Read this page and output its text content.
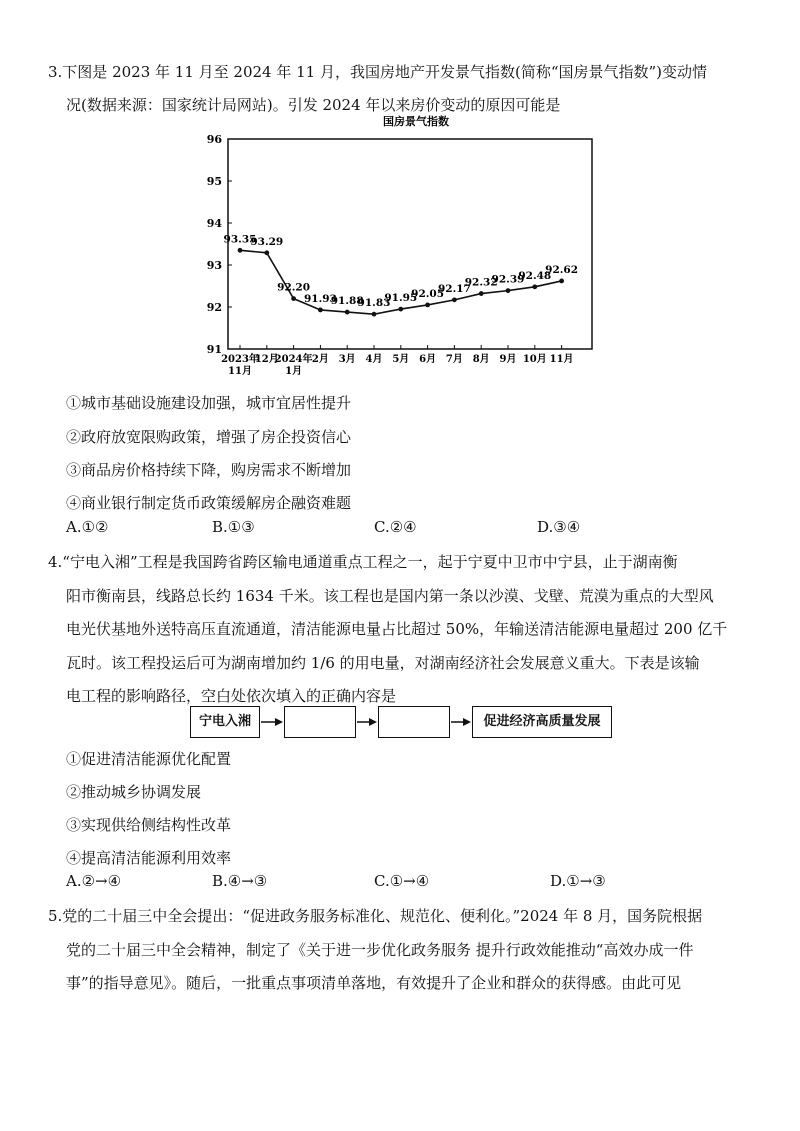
3.下图是 2023 年 11 月至 2024 年 11 月，我国房地产开发景气指数(简称“国房景气指数”)变动情
况(数据来源：国家统计局网站)。引发 2024 年以来房价变动的原因可能是
国房景气指数
91
92
93
94
95
96
2023年
11月
12月
2024年
1月
2月 3月 4月 5月 6月 7月 8月 9月 10月 11月
93.35
93.29
92.20
91.93
91.88
91.83
91.95
92.05
92.17
92.32
92.39
92.48
92.62
①城市基础设施建设加强，城市宜居性提升
②政府放宽限购政策，增强了房企投资信心
③商品房价格持续下降，购房需求不断增加
④商业银行制定货币政策缓解房企融资难题
A.①②	B.①③	C.②④	D.③④
4.“宁电入湘”工程是我国跨省跨区输电通道重点工程之一，起于宁夏中卫市中宁县，止于湖南衡
阳市衡南县，线路总长约 1634 千米。该工程也是国内第一条以沙漠、戈壁、荒漠为重点的大型风
电光伏基地外送特高压直流通道，清洁能源电量占比超过 50%，年输送清洁能源电量超过 200 亿千
瓦时。该工程投运后可为湖南增加约 1/6 的用电量，对湖南经济社会发展意义重大。下表是该输
电工程的影响路径，空白处依次填入的正确内容是
宁电入湘	促进经济高质量发展
①促进清洁能源优化配置
②推动城乡协调发展
③实现供给侧结构性改革
④提高清洁能源利用效率
A.②→④	B.④→③	C.①→④	D.①→③
5.党的二十届三中全会提出：“促进政务服务标准化、规范化、便利化。”2024 年 8 月，国务院根据
党的二十届三中全会精神，制定了《关于进一步优化政务服务 提升行政效能推动“高效办成一件
事”的指导意见》。随后，一批重点事项清单落地，有效提升了企业和群众的获得感。由此可见
